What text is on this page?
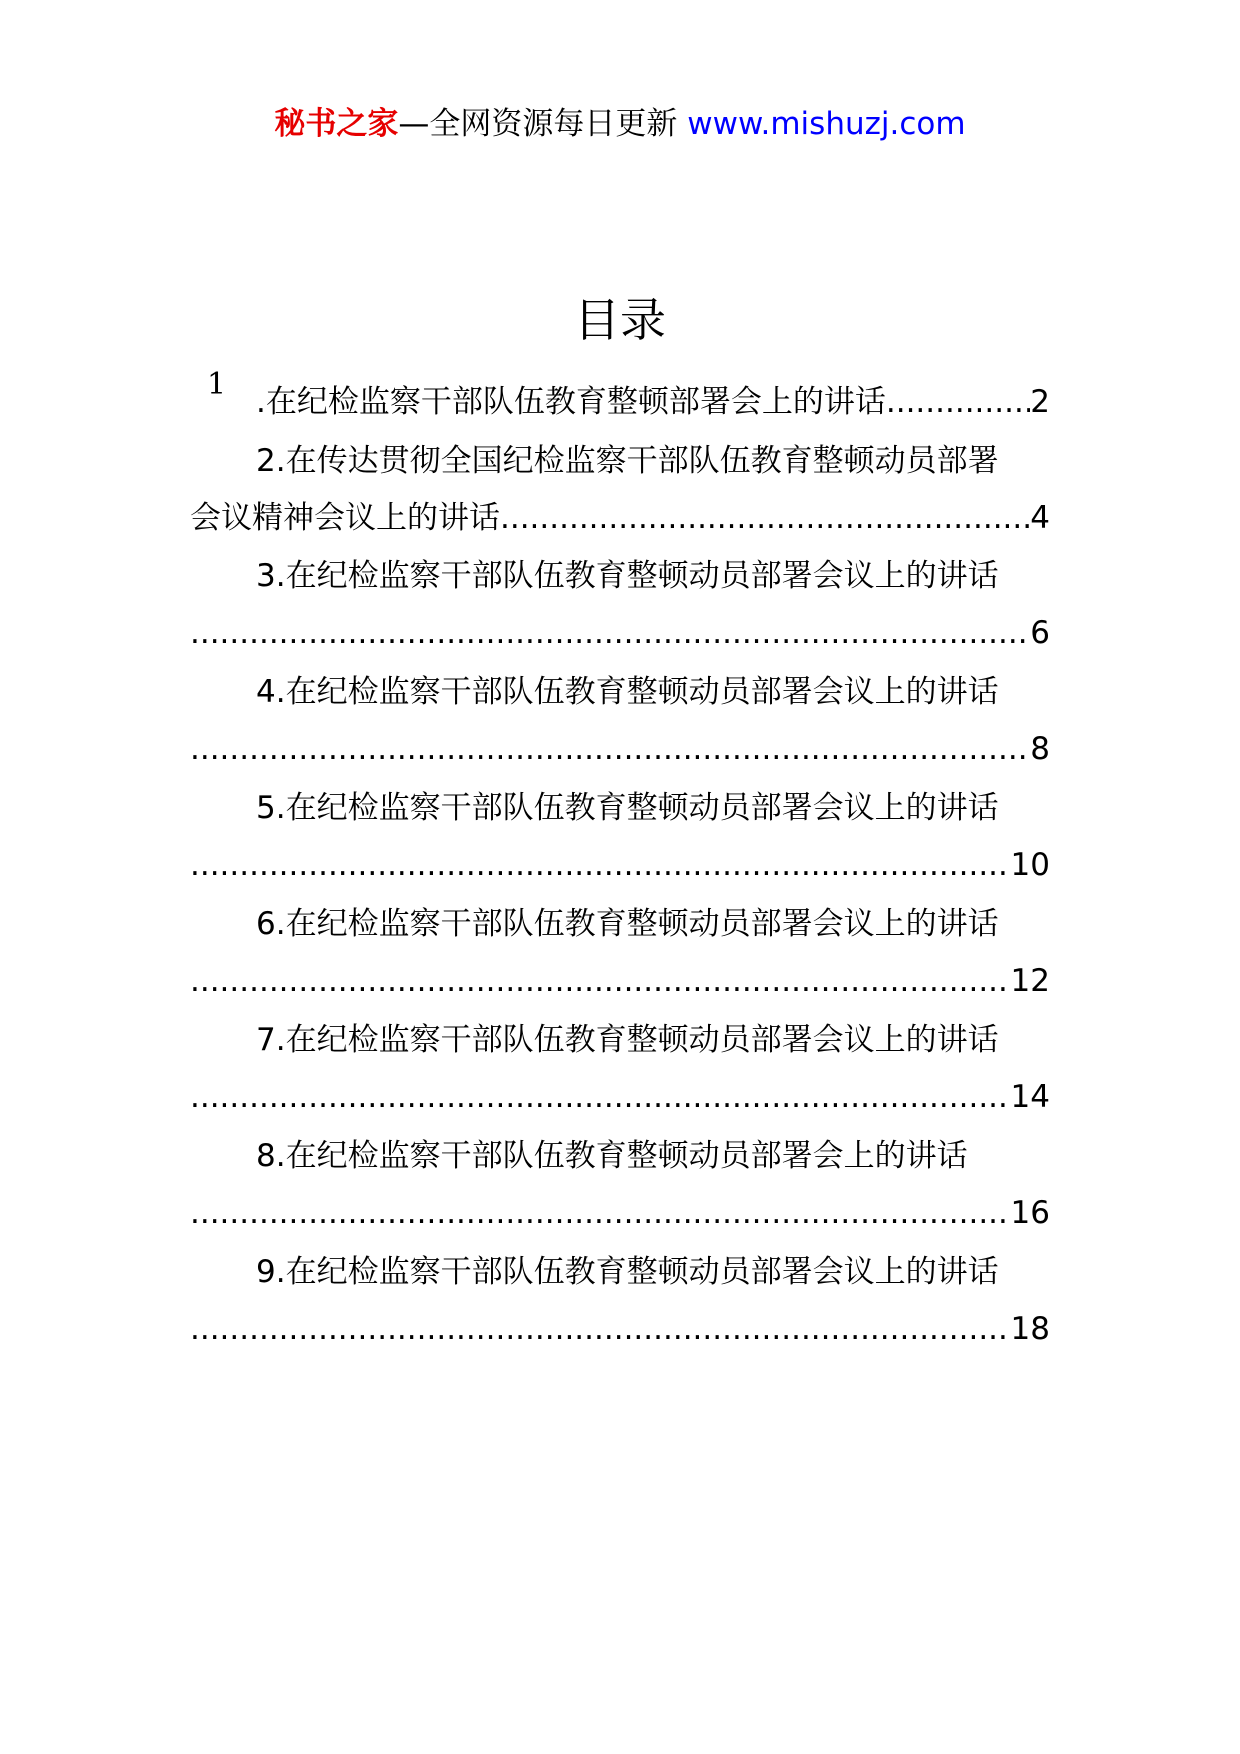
秘书之家—全网资源每日更新 www.mishuzj.com
目录
1 .在纪检监察干部队伍教育整顿部署会上的讲话 .....	2
2.在传达贯彻全国纪检监察干部队伍教育整顿动员部署
会议精神会议上的讲话 .....	4
3.在纪检监察干部队伍教育整顿动员部署会议上的讲话
.....
6
4.在纪检监察干部队伍教育整顿动员部署会议上的讲话
.....
8
5.在纪检监察干部队伍教育整顿动员部署会议上的讲话
.....
10
6.在纪检监察干部队伍教育整顿动员部署会议上的讲话
.....
12
7.在纪检监察干部队伍教育整顿动员部署会议上的讲话
.....
14
8.在纪检监察干部队伍教育整顿动员部署会上的讲话
.....
16
9.在纪检监察干部队伍教育整顿动员部署会议上的讲话
.....
18
